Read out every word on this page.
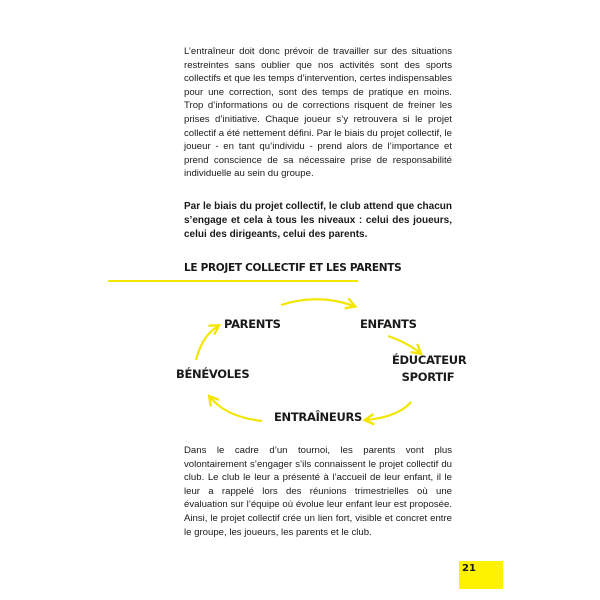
L’entraîneur doit donc prévoir de travailler sur des situations restreintes sans oublier que nos activités sont des sports collectifs et que les temps d’intervention, certes indispensables pour une correction, sont des temps de pratique en moins. Trop d’informations ou de corrections risquent de freiner les prises d’initiative. Chaque joueur s’y retrouvera si le projet collectif a été nettement défini. Par le biais du projet collectif, le joueur - en tant qu’individu - prend alors de l’importance et prend conscience de sa nécessaire prise de responsabilité individuelle au sein du groupe.

Par le biais du projet collectif, le club attend que chacun s’engage et cela à tous les niveaux : celui des joueurs, celui des dirigeants, celui des parents.

LE PROJET COLLECTIF ET LES PARENTS
PARENTS	ENFANTS
ÉDUCATEUR
SPORTIF
BÉNÉVOLES
ENTRAÎNEURS

Dans le cadre d’un tournoi, les parents vont plus volontairement s’engager s’ils connaissent le projet collectif du club. Le club le leur a présenté à l’accueil de leur enfant, il le leur a rappelé lors des réunions trimestrielles où une évaluation sur l’équipe où évolue leur enfant leur est proposée. Ainsi, le projet collectif crée un lien fort, visible et concret entre le groupe, les joueurs, les parents et le club.

21
